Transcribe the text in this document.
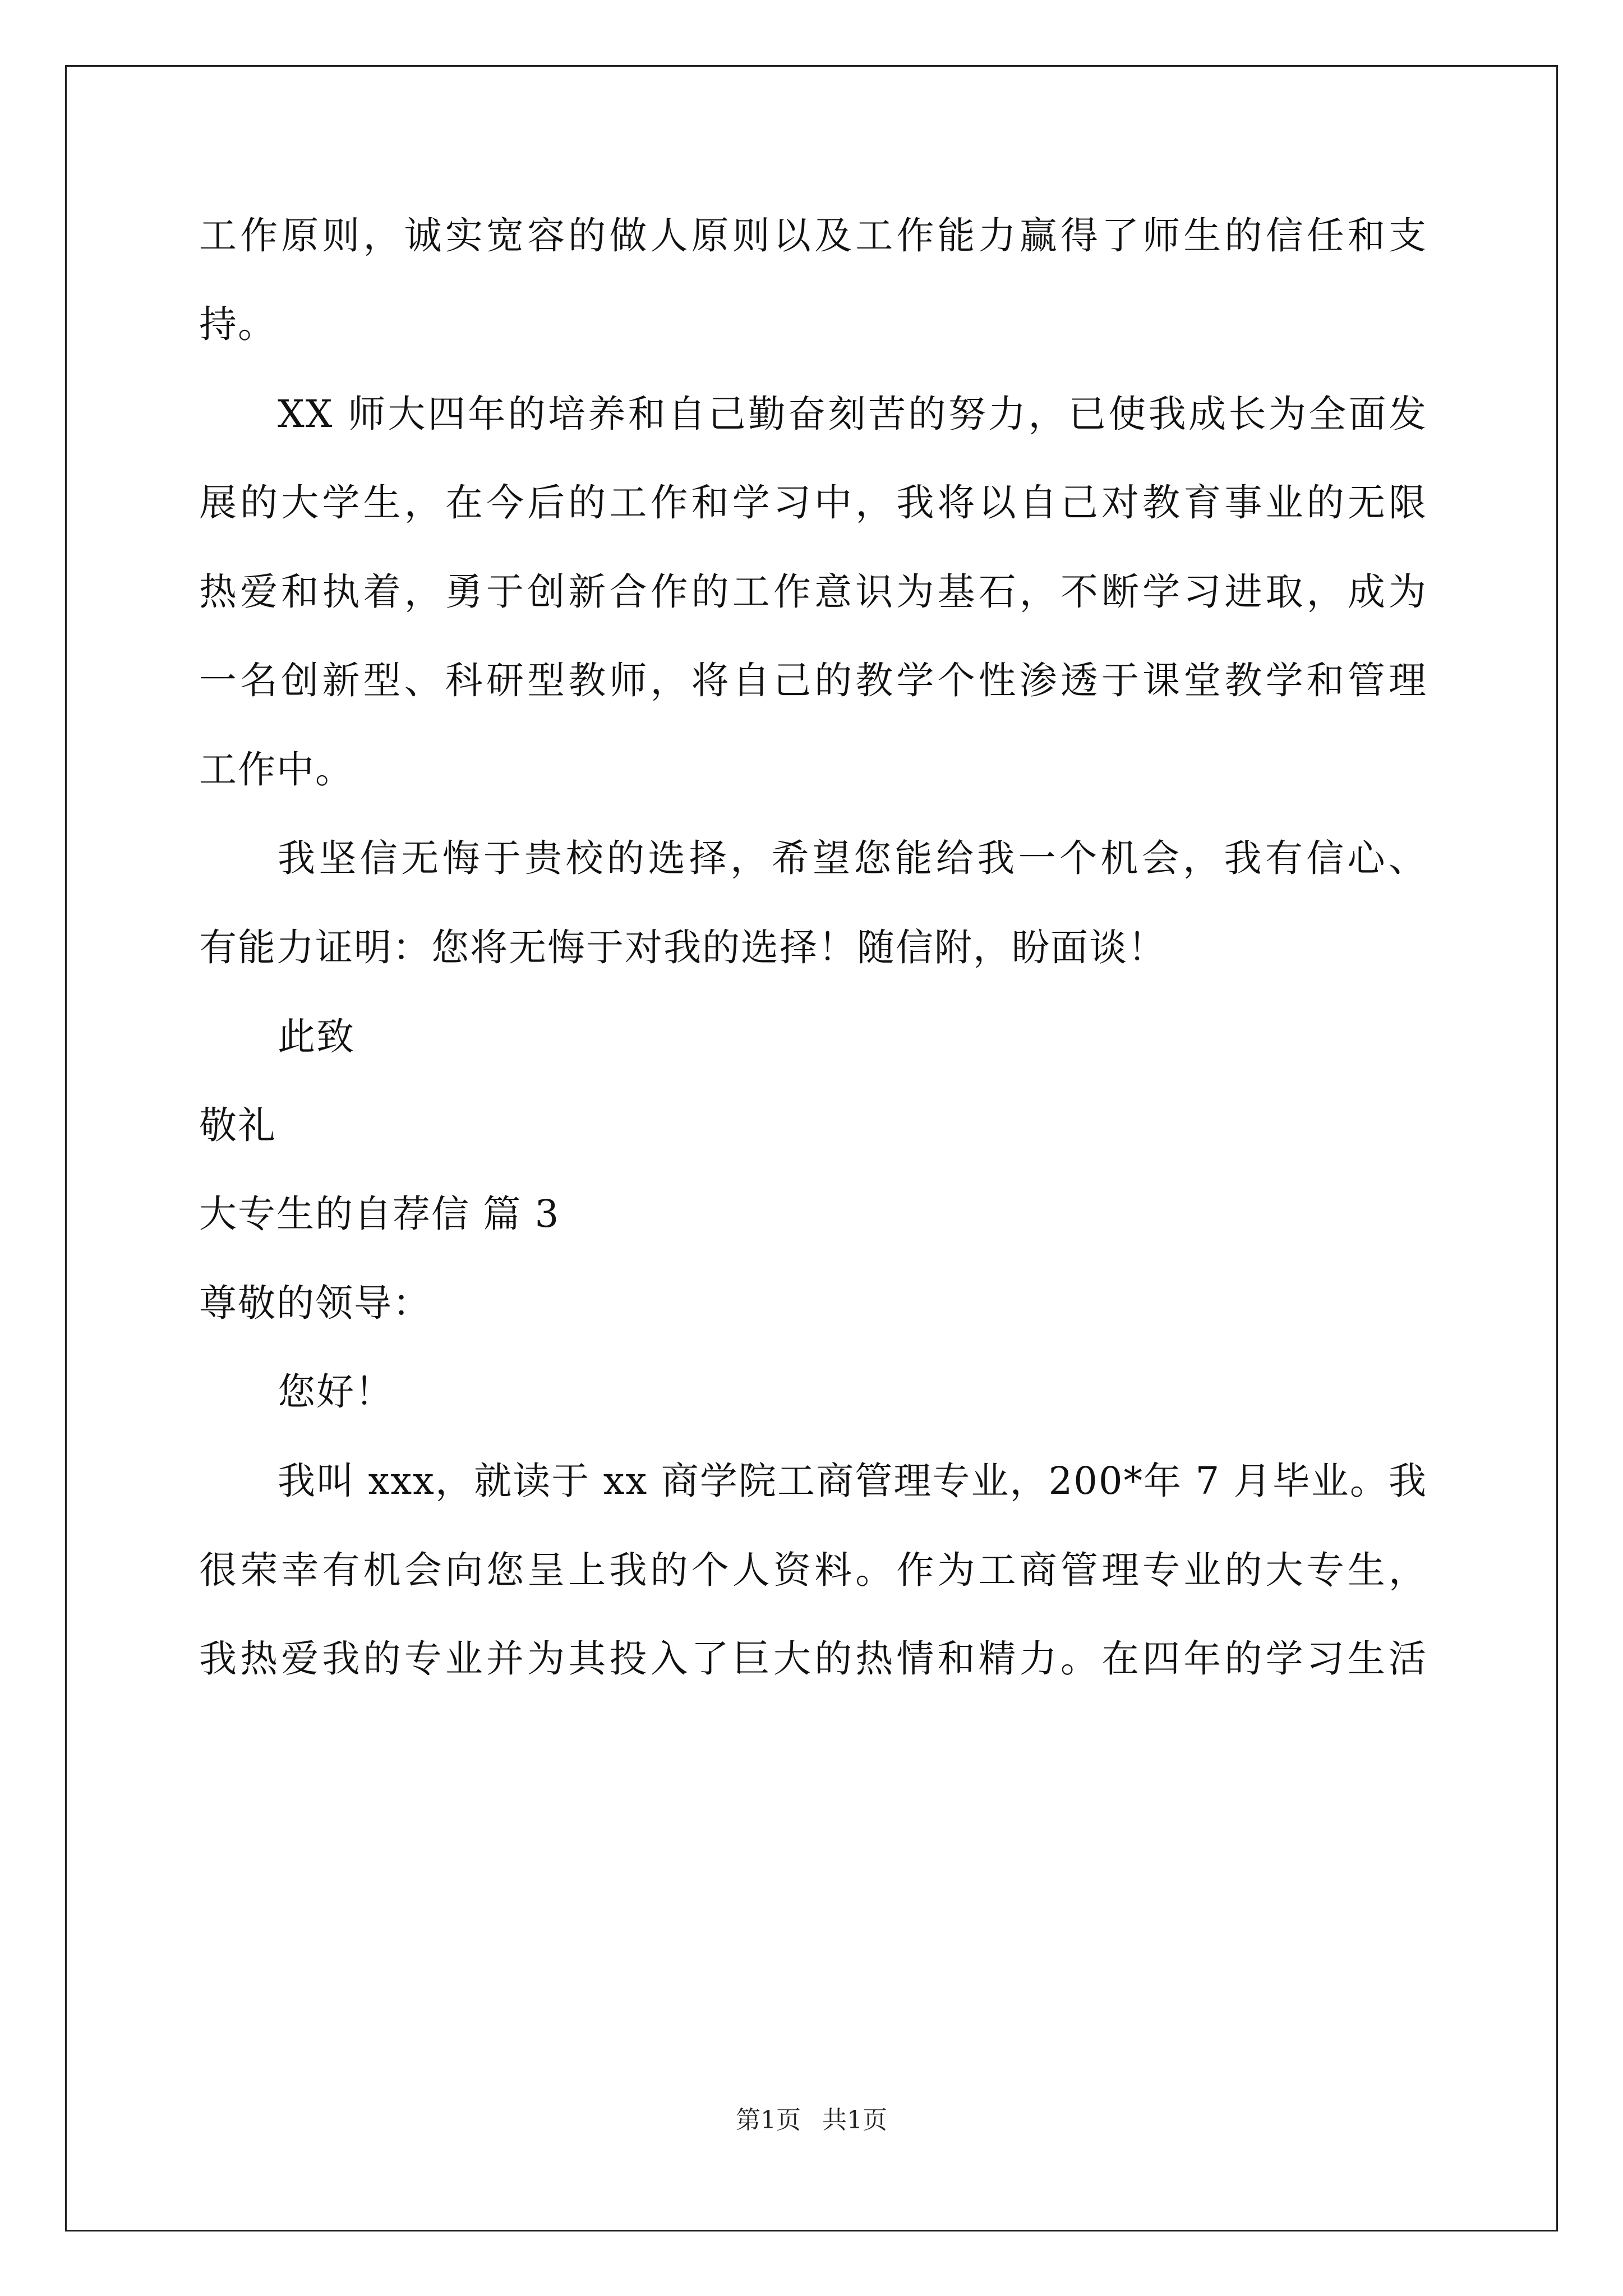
工作原则，诚实宽容的做人原则以及工作能力赢得了师生的信任和支
持。
XX 师大四年的培养和自己勤奋刻苦的努力，已使我成长为全面发
展的大学生，在今后的工作和学习中，我将以自己对教育事业的无限
热爱和执着，勇于创新合作的工作意识为基石，不断学习进取，成为
一名创新型、科研型教师，将自己的教学个性渗透于课堂教学和管理
工作中。
我坚信无悔于贵校的选择，希望您能给我一个机会，我有信心、
有能力证明：您将无悔于对我的选择！随信附，盼面谈！
此致
敬礼
大专生的自荐信 篇 3
尊敬的领导：
您好！
我叫 xxx，就读于 xx 商学院工商管理专业，200*年 7 月毕业。我
很荣幸有机会向您呈上我的个人资料。作为工商管理专业的大专生，
我热爱我的专业并为其投入了巨大的热情和精力。在四年的学习生活
第1页 共1页
